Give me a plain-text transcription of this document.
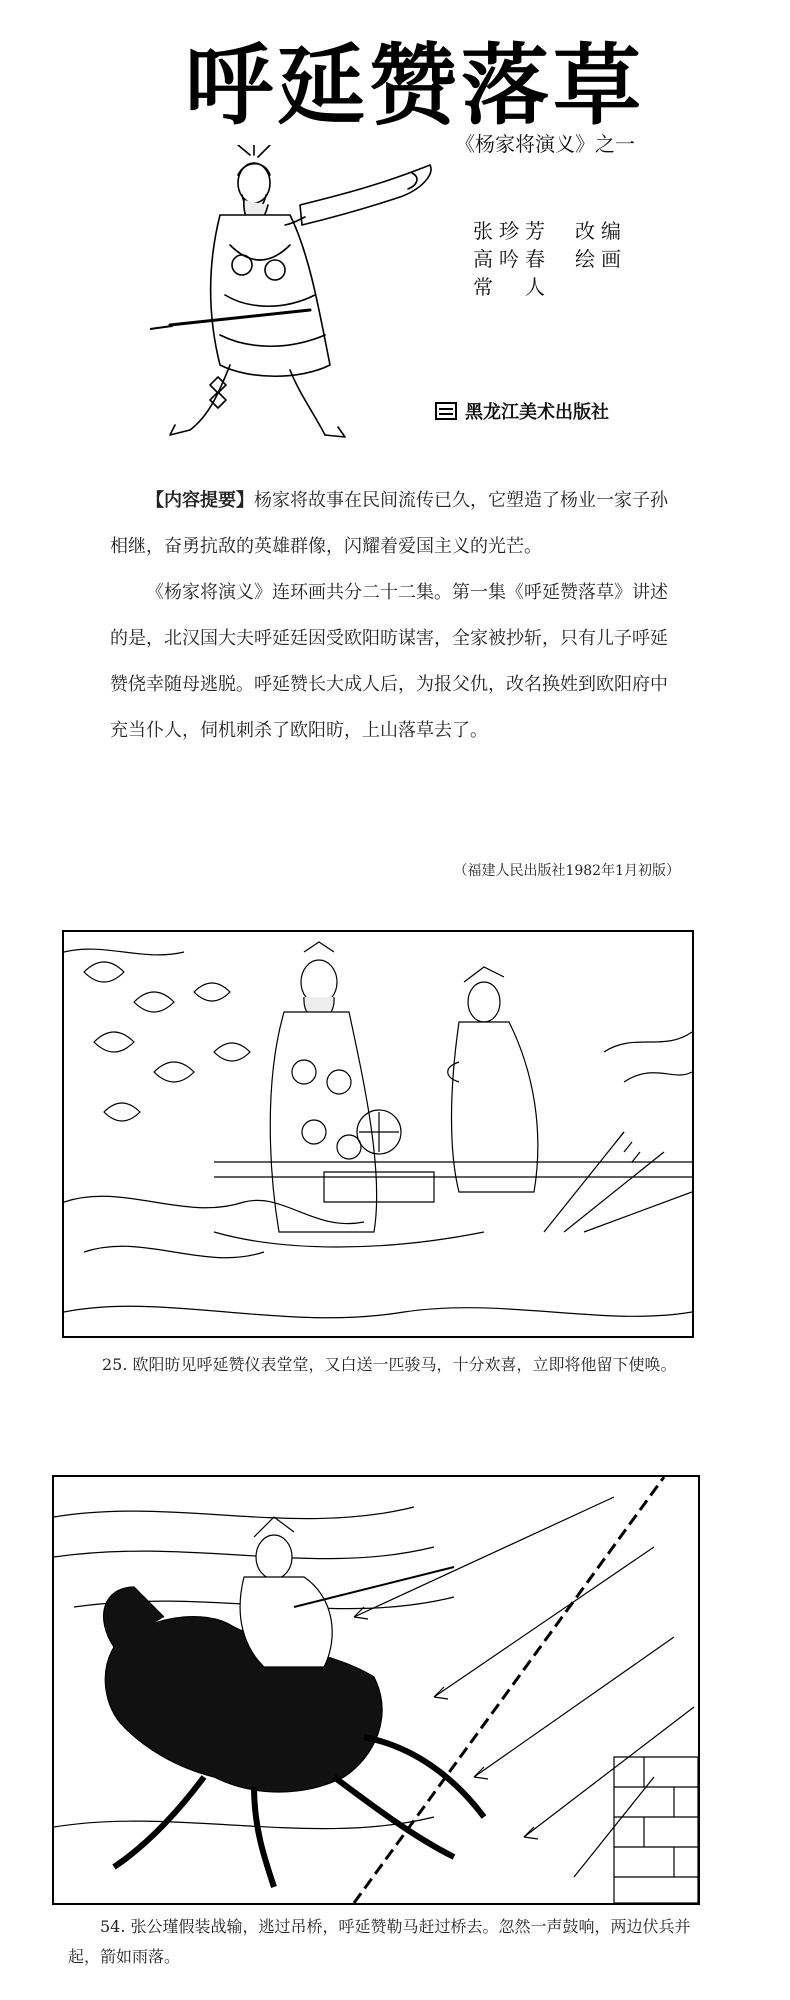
呼延赞落草
《杨家将演义》之一
编
画
改
绘
芳
春
人
珍
吟
张
高
常
黑龙江美术出版社

【内容提要】杨家将故事在民间流传已久，它塑造了杨业一家子孙相继，奋勇抗敌的英雄群像，闪耀着爱国主义的光芒。

《杨家将演义》连环画共分二十二集。第一集《呼延赞落草》讲述的是，北汉国大夫呼延廷因受欧阳昉谋害，全家被抄斩，只有儿子呼延赞侥幸随母逃脱。呼延赞长大成人后，为报父仇，改名换姓到欧阳府中充当仆人，伺机刺杀了欧阳昉，上山落草去了。

（福建人民出版社1982年1月初版）
25. 欧阳昉见呼延赞仪表堂堂，又白送一匹骏马，十分欢喜，立即将他留下使唤。
54. 张公瑾假装战输，逃过吊桥，呼延赞勒马赶过桥去。忽然一声鼓响，两边伏兵并起，箭如雨落。
